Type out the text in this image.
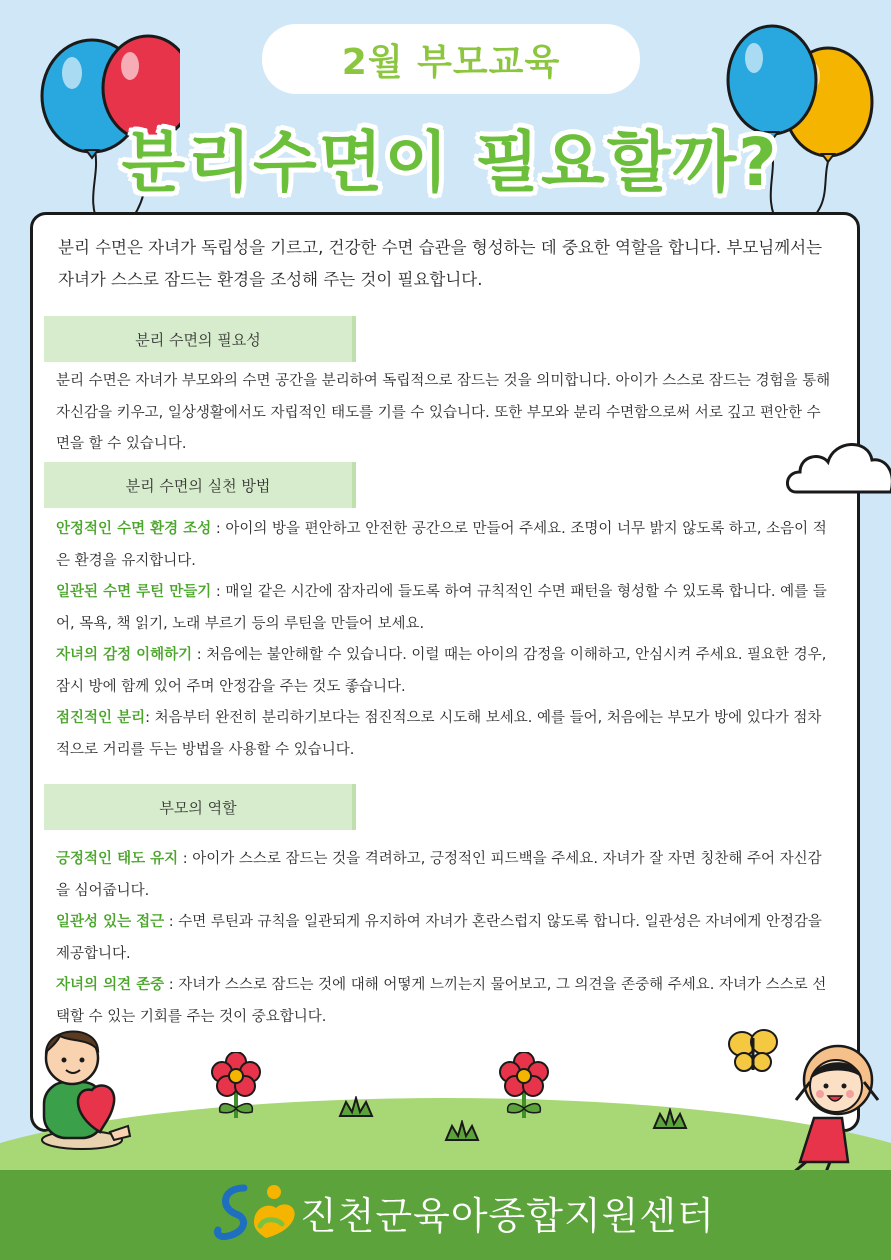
2월 부모교육
분리수면이 필요할까?
분리 수면은 자녀가 독립성을 기르고, 건강한 수면 습관을 형성하는 데 중요한 역할을 합니다. 부모님께서는 자녀가 스스로 잠드는 환경을 조성해 주는 것이 필요합니다.
분리 수면의 필요성
분리 수면은 자녀가 부모와의 수면 공간을 분리하여 독립적으로 잠드는 것을 의미합니다. 아이가 스스로 잠드는 경험을 통해 자신감을 키우고, 일상생활에서도 자립적인 태도를 기를 수 있습니다. 또한 부모와 분리 수면함으로써 서로 깊고 편안한 수면을 할 수 있습니다.
분리 수면의 실천 방법
안정적인 수면 환경 조성 : 아이의 방을 편안하고 안전한 공간으로 만들어 주세요. 조명이 너무 밝지 않도록 하고, 소음이 적은 환경을 유지합니다.
일관된 수면 루틴 만들기 : 매일 같은 시간에 잠자리에 들도록 하여 규칙적인 수면 패턴을 형성할 수 있도록 합니다. 예를 들어, 목욕, 책 읽기, 노래 부르기 등의 루틴을 만들어 보세요.
자녀의 감정 이해하기 : 처음에는 불안해할 수 있습니다. 이럴 때는 아이의 감정을 이해하고, 안심시켜 주세요. 필요한 경우, 잠시 방에 함께 있어 주며 안정감을 주는 것도 좋습니다.
점진적인 분리: 처음부터 완전히 분리하기보다는 점진적으로 시도해 보세요. 예를 들어, 처음에는 부모가 방에 있다가 점차적으로 거리를 두는 방법을 사용할 수 있습니다.
부모의 역할
긍정적인 태도 유지 : 아이가 스스로 잠드는 것을 격려하고, 긍정적인 피드백을 주세요. 자녀가 잘 자면 칭찬해 주어 자신감을 심어줍니다.
일관성 있는 접근 : 수면 루틴과 규칙을 일관되게 유지하여 자녀가 혼란스럽지 않도록 합니다. 일관성은 자녀에게 안정감을 제공합니다.
자녀의 의견 존중 : 자녀가 스스로 잠드는 것에 대해 어떻게 느끼는지 물어보고, 그 의견을 존중해 주세요. 자녀가 스스로 선택할 수 있는 기회를 주는 것이 중요합니다.
진천군육아종합지원센터
